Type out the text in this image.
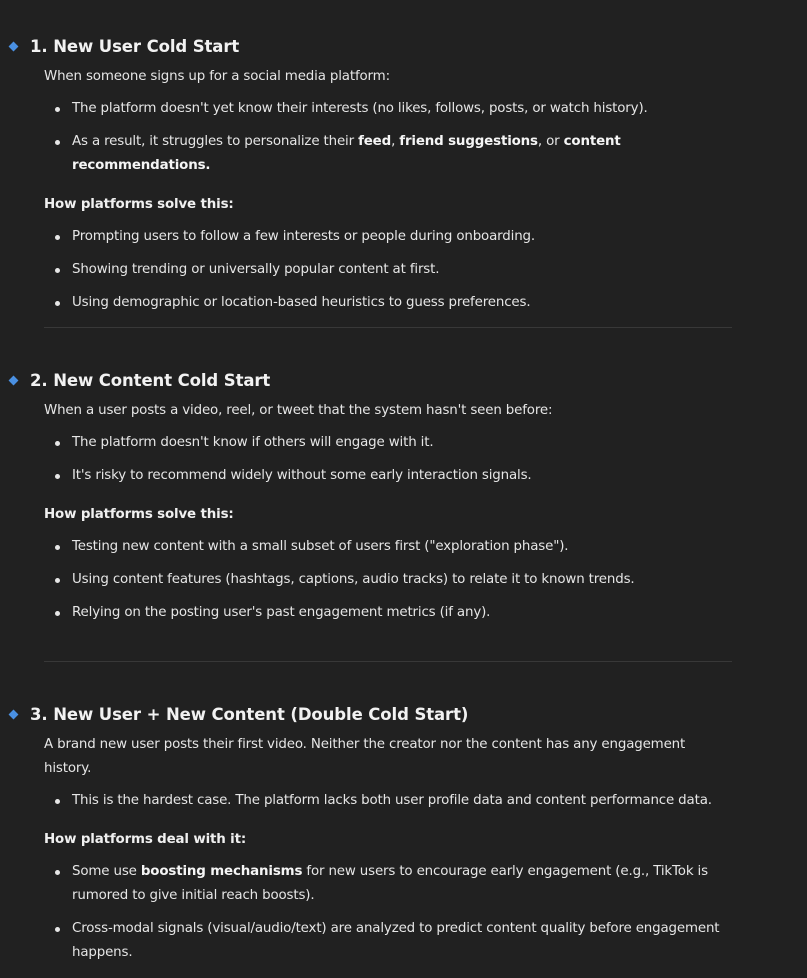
1. New User Cold Start

When someone signs up for a social media platform:

The platform doesn't yet know their interests (no likes, follows, posts, or watch history).
As a result, it struggles to personalize their feed, friend suggestions, or content recommendations.

How platforms solve this:

Prompting users to follow a few interests or people during onboarding.
Showing trending or universally popular content at first.
Using demographic or location-based heuristics to guess preferences.
2. New Content Cold Start

When a user posts a video, reel, or tweet that the system hasn't seen before:

The platform doesn't know if others will engage with it.
It's risky to recommend widely without some early interaction signals.

How platforms solve this:

Testing new content with a small subset of users first ("exploration phase").
Using content features (hashtags, captions, audio tracks) to relate it to known trends.
Relying on the posting user's past engagement metrics (if any).
3. New User + New Content (Double Cold Start)

A brand new user posts their first video. Neither the creator nor the content has any engagement history.

This is the hardest case. The platform lacks both user profile data and content performance data.

How platforms deal with it:

Some use boosting mechanisms for new users to encourage early engagement (e.g., TikTok is rumored to give initial reach boosts).
Cross-modal signals (visual/audio/text) are analyzed to predict content quality before engagement happens.
